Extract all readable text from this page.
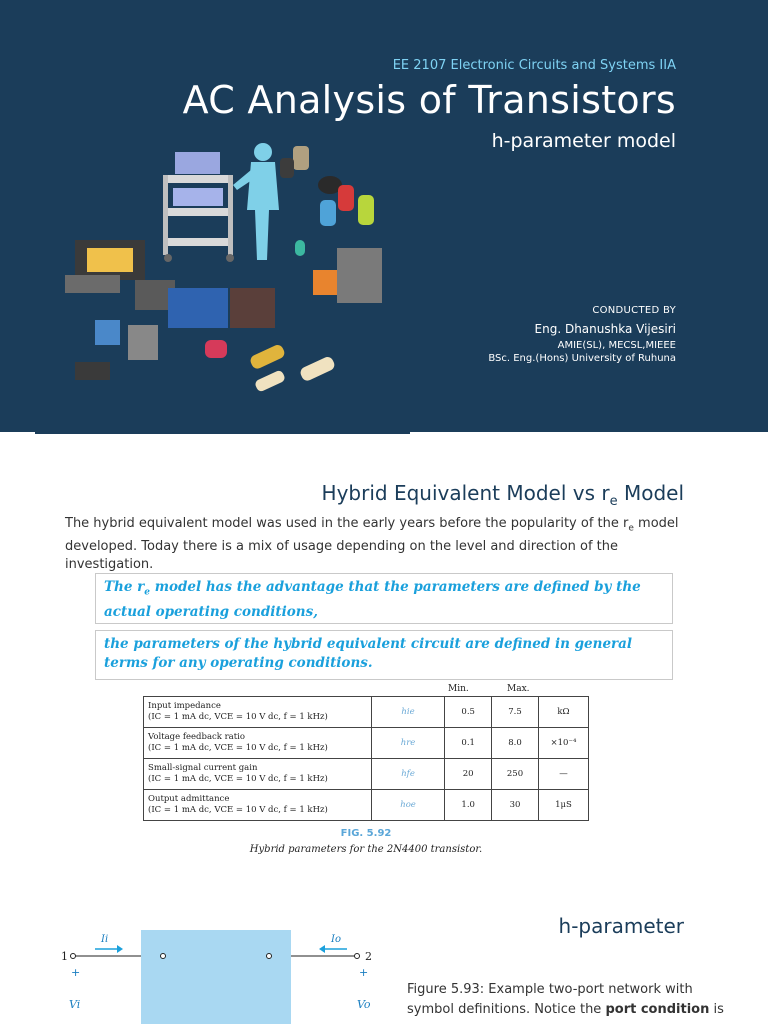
EE 2107 Electronic Circuits and Systems IIA
AC Analysis of Transistors
h-parameter model
CONDUCTED BY
Eng. Dhanushka Vijesiri
AMIE(SL), MECSL,MIEEE
BSc. Eng.(Hons) University of Ruhuna
Hybrid Equivalent Model vs $r_e$ Model
The hybrid equivalent model was used in the early years before the popularity of the $r_e$ model developed. Today there is a mix of usage depending on the level and direction of the investigation.
The $r_e$ model has the advantage that the parameters are defined by the actual operating conditions,
the parameters of the hybrid equivalent circuit are defined in general terms for any operating conditions.
Min.	Max.
Input impedance
(IC = 1 mA dc, VCE = 10 V dc, f = 1 kHz)	hie	0.5	7.5	kΩ

Voltage feedback ratio
(IC = 1 mA dc, VCE = 10 V dc, f = 1 kHz)	hre	0.1	8.0	×10⁻⁴

Small-signal current gain
(IC = 1 mA dc, VCE = 10 V dc, f = 1 kHz)	hfe	20	250	—

Output admittance
(IC = 1 mA dc, VCE = 10 V dc, f = 1 kHz)	hoe	1.0	30	1μS
FIG. 5.92
Hybrid parameters for the 2N4400 transistor.
h-parameter
1	2
Ii	Io
+	+
Vi	Vo
Figure 5.93: Example two-port network with symbol definitions. Notice the port condition is
